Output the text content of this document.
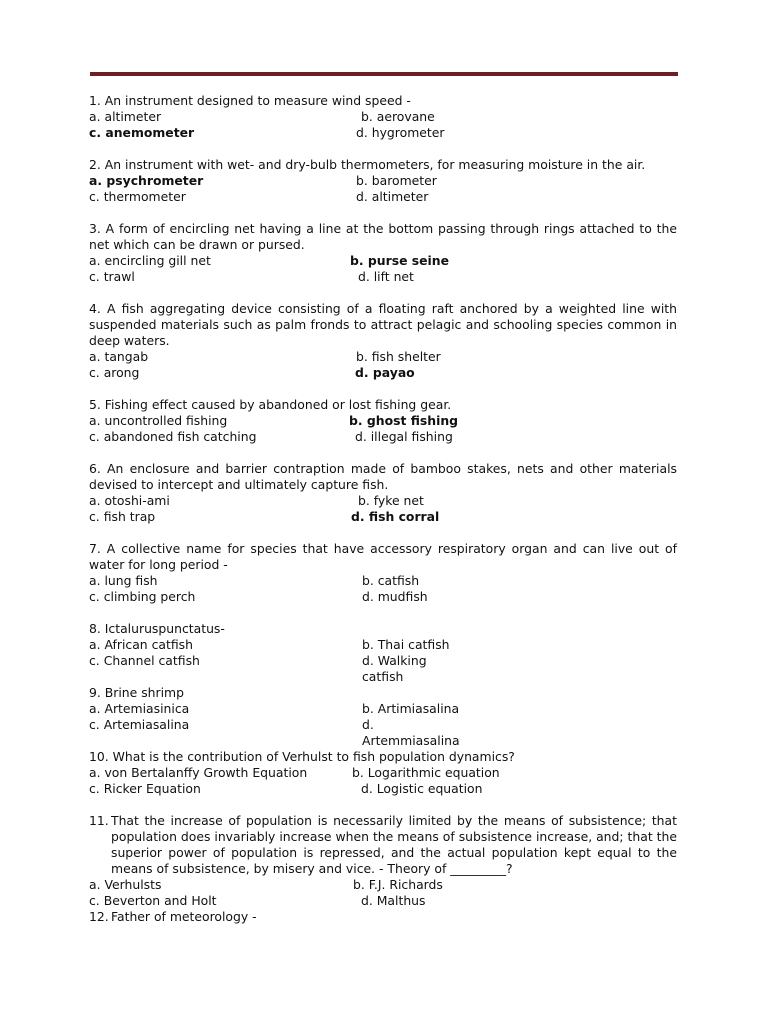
1. An instrument designed to measure wind speed -
a. altimeter	b. aerovane
c. anemometer	d. hygrometer
2. An instrument with wet- and dry-bulb thermometers, for measuring moisture in the air.
a. psychrometer	b. barometer
c. thermometer	d. altimeter
3. A form of encircling net having a line at the bottom passing through rings attached to the net which can be drawn or pursed.
a. encircling gill net	b. purse seine
c. trawl	d. lift net
4. A fish aggregating device consisting of a floating raft anchored by a weighted line with suspended materials such as palm fronds to attract pelagic and schooling species common in deep waters.
a. tangab	b. fish shelter
c. arong	d. payao
5. Fishing effect caused by abandoned or lost fishing gear.
a. uncontrolled fishing	b. ghost fishing
c. abandoned fish catching	d. illegal fishing
6. An enclosure and barrier contraption made of bamboo stakes, nets and other materials devised to intercept and ultimately capture fish.
a. otoshi-ami	b. fyke net
c. fish trap	d. fish corral
7. A collective name for species that have accessory respiratory organ and can live out of water for long period -
a. lung fish	b. catfish
c. climbing perch	d. mudfish
8. Ictaluruspunctatus-
a. African catfish	b. Thai catfish
c. Channel catfish	d. Walking catfish
9. Brine shrimp
a. Artemiasinica	b. Artimiasalina
c. Artemiasalina	d.
Artemmiasalina
10. What is the contribution of Verhulst to fish population dynamics?
a. von Bertalanffy Growth Equation	b. Logarithmic equation
c. Ricker Equation	d. Logistic equation
11. That the increase of population is necessarily limited by the means of subsistence; that population does invariably increase when the means of subsistence increase, and; that the superior power of population is repressed, and the actual population kept equal to the means of subsistence, by misery and vice. - Theory of _________?
a. Verhulsts	b. F.J. Richards
c. Beverton and Holt	d. Malthus
12. Father of meteorology -
